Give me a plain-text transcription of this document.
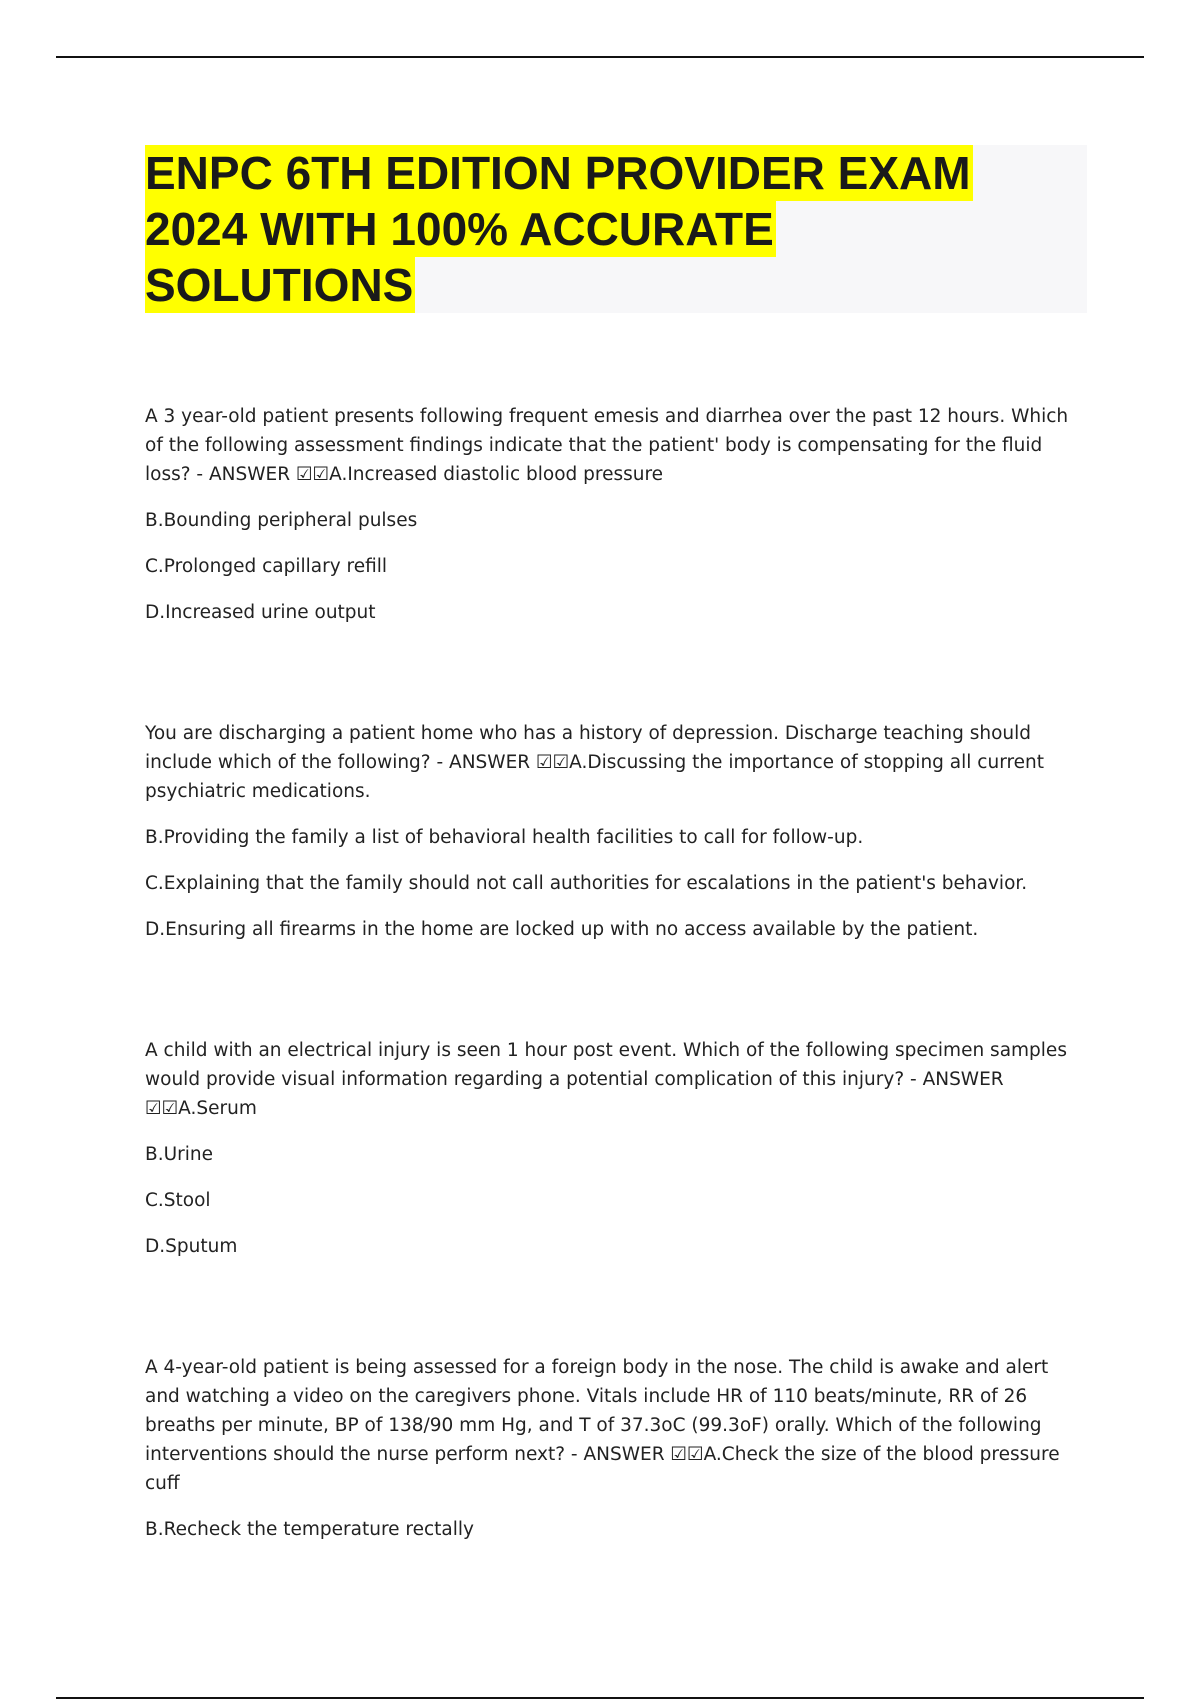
ENPC 6TH EDITION PROVIDER EXAM
2024 WITH 100% ACCURATE
SOLUTIONS

A 3 year-old patient presents following frequent emesis and diarrhea over the past 12 hours. Which of the following assessment findings indicate that the patient' body is compensating for the fluid loss? - ANSWER ☑☑A.Increased diastolic blood pressure

B.Bounding peripheral pulses

C.Prolonged capillary refill

D.Increased urine output

You are discharging a patient home who has a history of depression. Discharge teaching should include which of the following? - ANSWER ☑☑A.Discussing the importance of stopping all current psychiatric medications.

B.Providing the family a list of behavioral health facilities to call for follow-up.

C.Explaining that the family should not call authorities for escalations in the patient's behavior.

D.Ensuring all firearms in the home are locked up with no access available by the patient.

A child with an electrical injury is seen 1 hour post event. Which of the following specimen samples would provide visual information regarding a potential complication of this injury? - ANSWER ☑☑A.Serum

B.Urine

C.Stool

D.Sputum

A 4-year-old patient is being assessed for a foreign body in the nose. The child is awake and alert and watching a video on the caregivers phone. Vitals include HR of 110 beats/minute, RR of 26 breaths per minute, BP of 138/90 mm Hg, and T of 37.3oC (99.3oF) orally. Which of the following interventions should the nurse perform next? - ANSWER ☑☑A.Check the size of the blood pressure cuff

B.Recheck the temperature rectally
